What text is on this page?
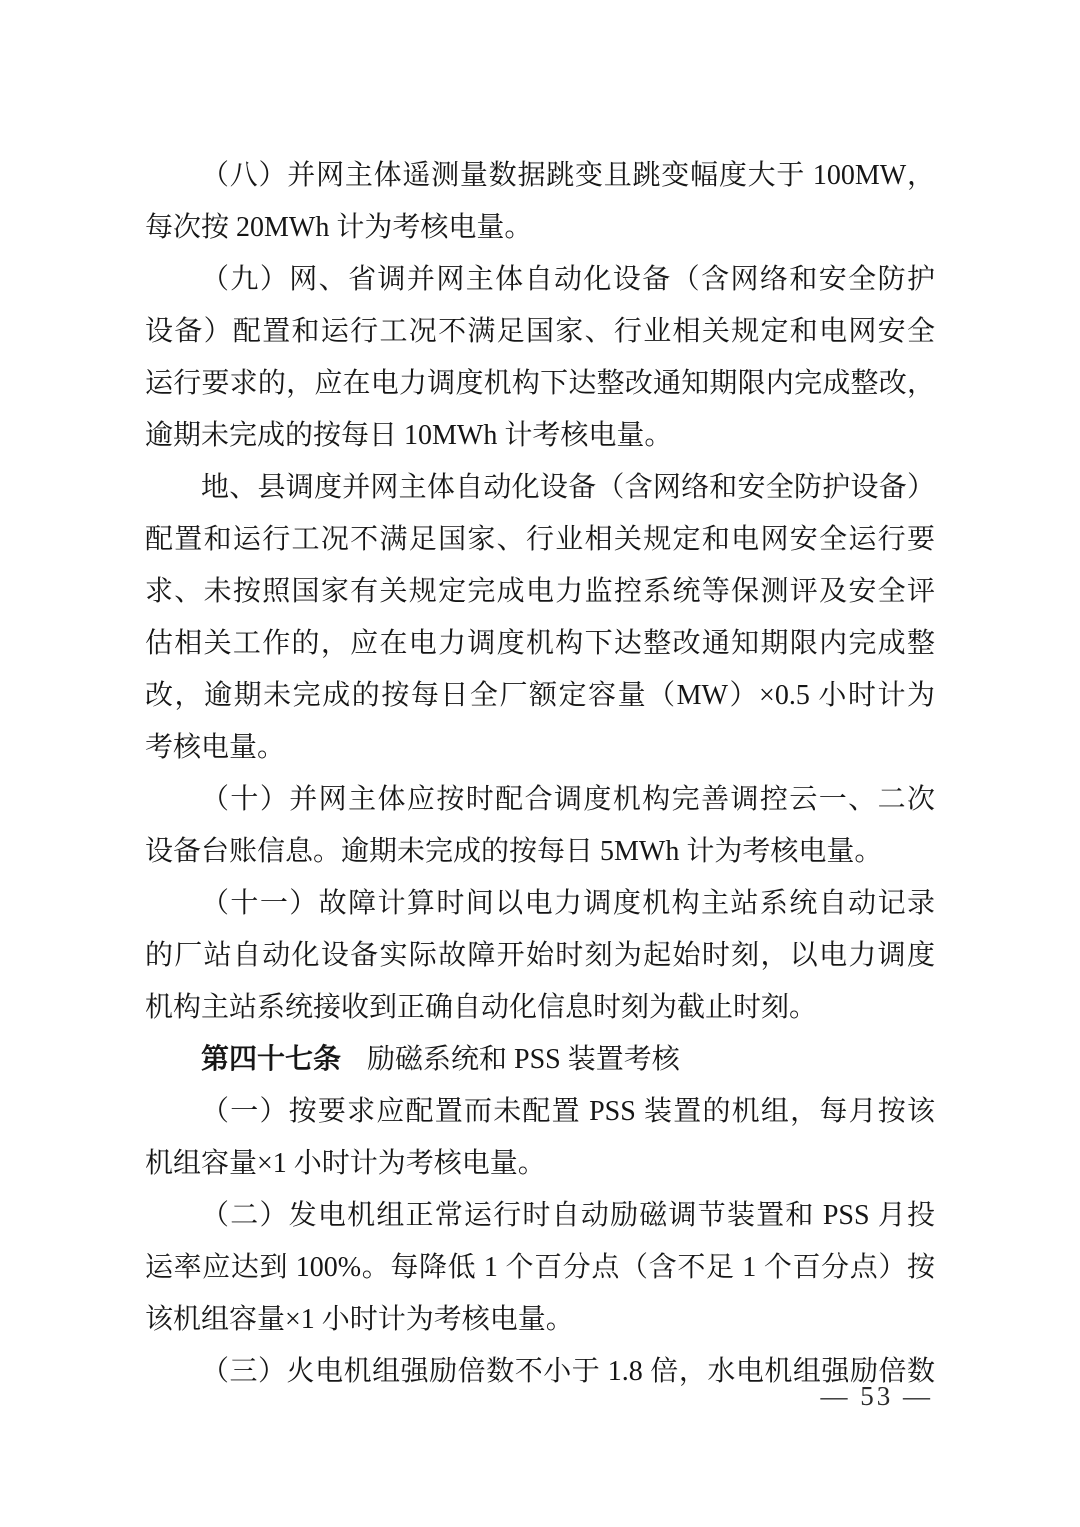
（八）并网主体遥测量数据跳变且跳变幅度大于 100MW，
每次按 20MWh 计为考核电量。
（九）网、省调并网主体自动化设备（含网络和安全防护
设备）配置和运行工况不满足国家、行业相关规定和电网安全
运行要求的，应在电力调度机构下达整改通知期限内完成整改，
逾期未完成的按每日 10MWh 计考核电量。
地、县调度并网主体自动化设备（含网络和安全防护设备）
配置和运行工况不满足国家、行业相关规定和电网安全运行要
求、未按照国家有关规定完成电力监控系统等保测评及安全评
估相关工作的，应在电力调度机构下达整改通知期限内完成整
改，逾期未完成的按每日全厂额定容量（MW）×0.5 小时计为
考核电量。
（十）并网主体应按时配合调度机构完善调控云一、二次
设备台账信息。逾期未完成的按每日 5MWh 计为考核电量。
（十一）故障计算时间以电力调度机构主站系统自动记录
的厂站自动化设备实际故障开始时刻为起始时刻，以电力调度
机构主站系统接收到正确自动化信息时刻为截止时刻。
第四十七条 励磁系统和 PSS 装置考核
（一）按要求应配置而未配置 PSS 装置的机组，每月按该
机组容量×1 小时计为考核电量。
（二）发电机组正常运行时自动励磁调节装置和 PSS 月投
运率应达到 100%。每降低 1 个百分点（含不足 1 个百分点）按
该机组容量×1 小时计为考核电量。
（三）火电机组强励倍数不小于 1.8 倍，水电机组强励倍数
— 53 —
